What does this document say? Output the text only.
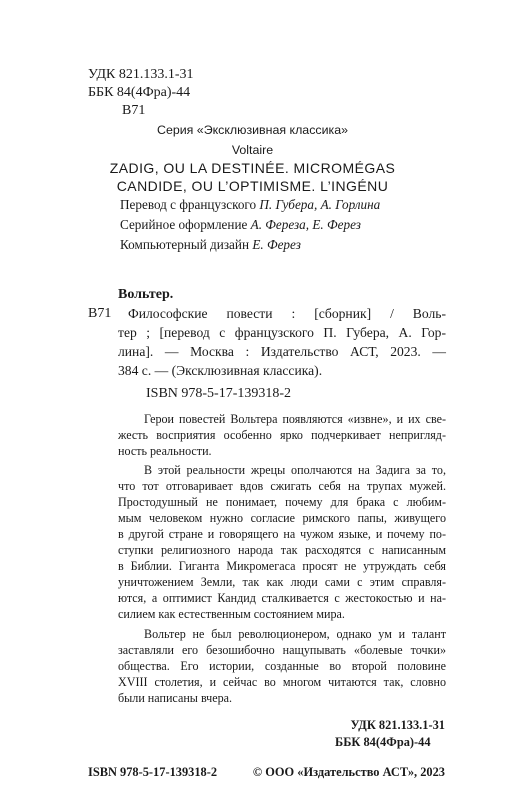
УДК 821.133.1-31
ББК 84(4Фра)-44
В71
Серия «Эксклюзивная классика»
Voltaire
ZADIG, OU LA DESTINÉE. MICROMÉGAS
CANDIDE, OU L’OPTIMISME. L’INGÉNU
Перевод с французского П. Губера, А. Горлина
Серийное оформление А. Фереза, Е. Ферез
Компьютерный дизайн Е. Ферез
Вольтер.
В71	Философские повести : [сборник] / Воль-
тер ; [перевод с французского П. Губера, А. Гор-
лина]. — Москва : Издательство АСТ, 2023. —
384 с. — (Эксклюзивная классика).
ISBN 978-5-17-139318-2
Герои повестей Вольтера появляются «извне», и их све-
жесть восприятия особенно ярко подчеркивает непригляд-
ность реальности.
В этой реальности жрецы ополчаются на Задига за то,
что тот отговаривает вдов сжигать себя на трупах мужей.
Простодушный не понимает, почему для брака с любим-
мым человеком нужно согласие римского папы, живущего
в другой стране и говорящего на чужом языке, и почему по-
ступки религиозного народа так расходятся с написанным
в Библии. Гиганта Микромегаса просят не утруждать себя
уничтожением Земли, так как люди сами с этим справля-
ются, а оптимист Кандид сталкивается с жестокостью и на-
силием как естественным состоянием мира.
Вольтер не был революционером, однако ум и талант
заставляли его безошибочно нащупывать «болевые точки»
общества. Его истории, созданные во второй половине
XVIII столетия, и сейчас во многом читаются так, словно
были написаны вчера.
УДК 821.133.1-31
ББК 84(4Фра)-44
ISBN 978-5-17-139318-2	© ООО «Издательство АСТ», 2023
